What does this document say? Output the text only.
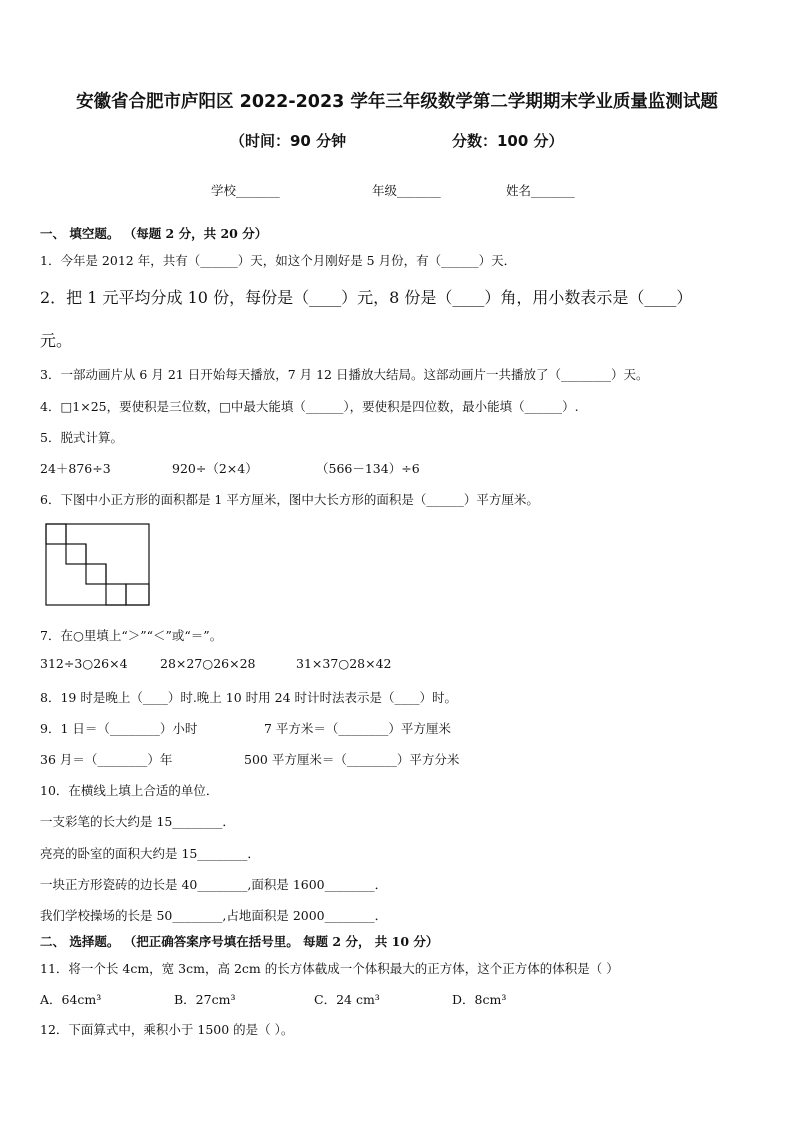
安徽省合肥市庐阳区 2022-2023 学年三年级数学第二学期期末学业质量监测试题
（时间：90 分钟	分数：100 分）
学校_______	年级_______	姓名_______
一、 填空题。 （每题 2 分，共 20 分）
1．今年是 2012 年，共有（______）天，如这个月刚好是 5 月份，有（______）天．
2．把 1 元平均分成 10 份，每份是（____）元，8 份是（____）角，用小数表示是（____）
元。
3．一部动画片从 6 月 21 日开始每天播放，7 月 12 日播放大结局。这部动画片一共播放了（________）天。
4．□1×25，要使积是三位数，□中最大能填（______），要使积是四位数，最小能填（______）.
5．脱式计算。
24＋876÷3	920÷（2×4）	（566－134）÷6
6．下图中小正方形的面积都是 1 平方厘米，图中大长方形的面积是（______）平方厘米。
7．在○里填上“＞”“＜”或“＝”。
312÷3○26×4	28×27○26×28	31×37○28×42
8．19 时是晚上（____）时.晚上 10 时用 24 时计时法表示是（____）时。
9．1 日＝（________）小时	7 平方米＝（________）平方厘米
36 月＝（________）年	500 平方厘米＝（________）平方分米
10．在横线上填上合适的单位．
一支彩笔的长大约是 15________．
亮亮的卧室的面积大约是 15________．
一块正方形瓷砖的边长是 40________,面积是 1600________．
我们学校操场的长是 50________,占地面积是 2000________．
二、 选择题。 （把正确答案序号填在括号里。 每题 2 分， 共 10 分）
11．将一个长 4cm，宽 3cm，高 2cm 的长方体截成一个体积最大的正方体，这个正方体的体积是（ ）
A．64cm³	B．27cm³	C．24 cm³	D．8cm³
12．下面算式中，乘积小于 1500 的是（ ）。
